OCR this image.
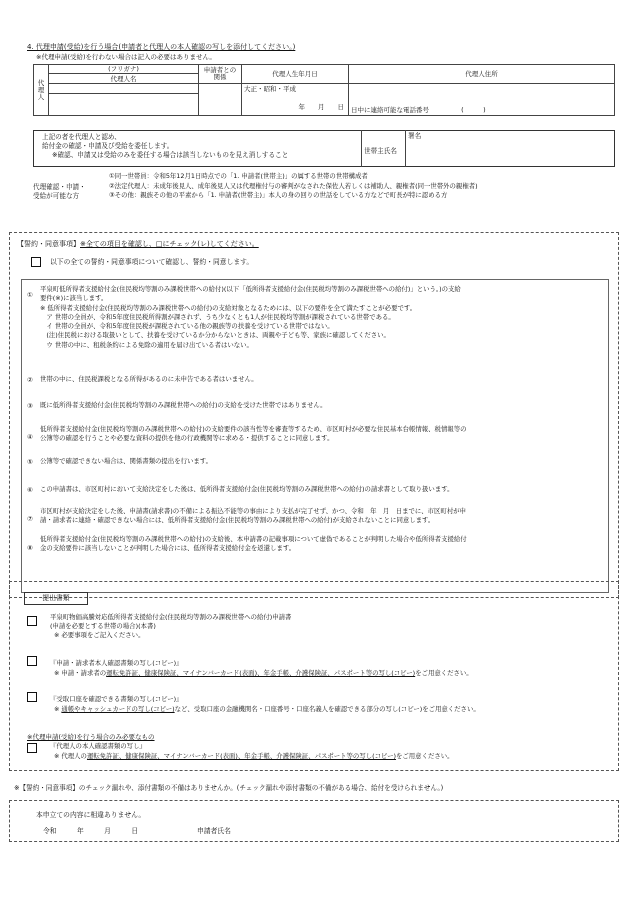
4. 代理申請(受給)を行う場合(申請者と代理人の本人確認の写しを添付してください。)
※代理申請(受給)を行わない場合は記入の必要はありません。
代理人	(フリガナ)	申請者との関係	代理人生年月日	代理人住所
	代理人名			

			大正・昭和・平成
年　　月　　日	日中に連絡可能な電話番号 (　　　)

上記の者を代理人と認め、
給付金の確認・申請及び受給を委任します。
※確認、申請又は受給のみを委任する場合は該当しないものを見え消しすること	世帯主氏名
署名
代理確認・申請・
受給が可能な方
①同一世帯員：令和5年12月1日時点での「1. 申請者(世帯主)」の属する世帯の世帯構成者
②法定代理人：未成年後見人、成年後見人又は代理権付与の審判がなされた保佐人若しくは補助人、親権者(同一世帯外の親権者)
③その他：親族その他の平素から「1. 申請者(世帯主)」本人の身の回りの世話をしている方などで町長が特に認める方
【誓約・同意事項】※全ての項目を確認し、□にチェック(レ)してください。
以下の全ての誓約・同意事項について確認し、誓約・同意します。
①
平泉町低所得者支援給付金(住民税均等割のみ課税世帯への給付)(以下「低所得者支援給付金(住民税均等割のみ課税世帯への給付)」という。)の支給
要件(※)に該当します。
※ 低所得者支援給付金(住民税均等割のみ課税世帯への給付)の支給対象となるためには、以下の要件を全て満たすことが必要です。
　ア 世帯の全員が、令和5年度住民税所得割が課されず、うち少なくとも1人が住民税均等割が課税されている世帯である。
　イ 世帯の全員が、令和5年度住民税が課税されている他の親族等の扶養を受けている世帯ではない。
　(注)住民税における取扱いとして、扶養を受けているか分からないときは、両親や子ども等、家族に確認してください。
　ウ 世帯の中に、租税条約による免除の適用を届け出ている者はいない。
② 世帯の中に、住民税課税となる所得があるのに未申告である者はいません。
③ 既に低所得者支援給付金(住民税均等割のみ課税世帯への給付)の支給を受けた世帯ではありません。
④
低所得者支援給付金(住民税均等割のみ課税世帯への給付)の支給要件の該当性等を審査等するため、市区町村が必要な住民基本台帳情報、税情報等の
公簿等の確認を行うことや必要な資料の提供を他の行政機関等に求める・提供することに同意します。
⑤ 公簿等で確認できない場合は、関係書類の提出を行います。
⑥ この申請書は、市区町村において支給決定をした後は、低所得者支援給付金(住民税均等割のみ課税世帯への給付)の請求書として取り扱います。
⑦
市区町村が支給決定をした後、申請書(請求書)の不備による振込不能等の事由により支払が完了せず、かつ、令和　年　月　日までに、市区町村が申
請・請求者に連絡・確認できない場合には、低所得者支援給付金(住民税均等割のみ課税世帯への給付)が支給されないことに同意します。
⑧
低所得者支援給付金(住民税均等割のみ課税世帯への給付)の支給後、本申請書の記載事項について虚偽であることが判明した場合や低所得者支援給付
金の支給要件に該当しないことが判明した場合には、低所得者支援給付金を返還します。
提出書類
平泉町物価高騰対応低所得者支援給付金(住民税均等割のみ課税世帯への給付)申請書
(申請を必要とする世帯の場合)(本書)
※ 必要事項をご記入ください。
『申請・請求者本人確認書類の写し(コピー)』
※ 申請・請求者の運転免許証、健康保険証、マイナンバーカード(表面)、年金手帳、介護保険証、パスポート等の写し(コピー)をご用意ください。
『受取口座を確認できる書類の写し(コピー)』
※ 通帳やキャッシュカードの写し(コピー)など、受取口座の金融機関名・口座番号・口座名義人を確認できる部分の写し(コピー)をご用意ください。
※代理申請(受給)を行う場合のみ必要なもの
『代理人の本人確認書類の写し』
※ 代理人の運転免許証、健康保険証、マイナンバーカード(表面)、年金手帳、介護保険証、パスポート等の写し(コピー)をご用意ください。
※【誓約・同意事項】のチェック漏れや、添付書類の不備はありませんか。(チェック漏れや添付書類の不備がある場合、給付を受けられません。)
本申立ての内容に相違ありません。
令和　　　年　　　月　　　日	申請者氏名
